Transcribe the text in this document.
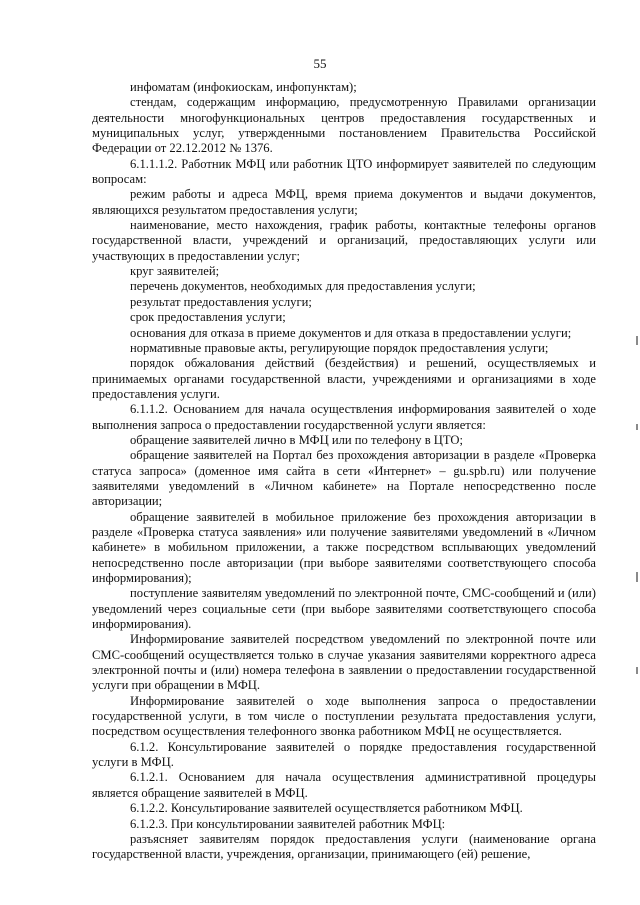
55

инфоматам (инфокиоскам, инфопунктам);

стендам, содержащим информацию, предусмотренную Правилами организации деятельности многофункциональных центров предоставления государственных и муниципальных услуг, утвержденными постановлением Правительства Российской Федерации от 22.12.2012 № 1376.

6.1.1.1.2. Работник МФЦ или работник ЦТО информирует заявителей по следующим вопросам:

режим работы и адреса МФЦ, время приема документов и выдачи документов, являющихся результатом предоставления услуги;

наименование, место нахождения, график работы, контактные телефоны органов государственной власти, учреждений и организаций, предоставляющих услуги или участвующих в предоставлении услуг;

круг заявителей;

перечень документов, необходимых для предоставления услуги;

результат предоставления услуги;

срок предоставления услуги;

основания для отказа в приеме документов и для отказа в предоставлении услуги;

нормативные правовые акты, регулирующие порядок предоставления услуги;

порядок обжалования действий (бездействия) и решений, осуществляемых и принимаемых органами государственной власти, учреждениями и организациями в ходе предоставления услуги.

6.1.1.2. Основанием для начала осуществления информирования заявителей о ходе выполнения запроса о предоставлении государственной услуги является:

обращение заявителей лично в МФЦ или по телефону в ЦТО;

обращение заявителей на Портал без прохождения авторизации в разделе «Проверка статуса запроса» (доменное имя сайта в сети «Интернет» – gu.spb.ru) или получение заявителями уведомлений в «Личном кабинете» на Портале непосредственно после авторизации;

обращение заявителей в мобильное приложение без прохождения авторизации в разделе «Проверка статуса заявления» или получение заявителями уведомлений в «Личном кабинете» в мобильном приложении, а также посредством всплывающих уведомлений непосредственно после авторизации (при выборе заявителями соответствующего способа информирования);

поступление заявителям уведомлений по электронной почте, СМС-сообщений и (или) уведомлений через социальные сети (при выборе заявителями соответствующего способа информирования).

Информирование заявителей посредством уведомлений по электронной почте или СМС-сообщений осуществляется только в случае указания заявителями корректного адреса электронной почты и (или) номера телефона в заявлении о предоставлении государственной услуги при обращении в МФЦ.

Информирование заявителей о ходе выполнения запроса о предоставлении государственной услуги, в том числе о поступлении результата предоставления услуги, посредством осуществления телефонного звонка работником МФЦ не осуществляется.

6.1.2. Консультирование заявителей о порядке предоставления государственной услуги в МФЦ.

6.1.2.1. Основанием для начала осуществления административной процедуры является обращение заявителей в МФЦ.

6.1.2.2. Консультирование заявителей осуществляется работником МФЦ.

6.1.2.3. При консультировании заявителей работник МФЦ:

разъясняет заявителям порядок предоставления услуги (наименование органа государственной власти, учреждения, организации, принимающего (ей) решение,
